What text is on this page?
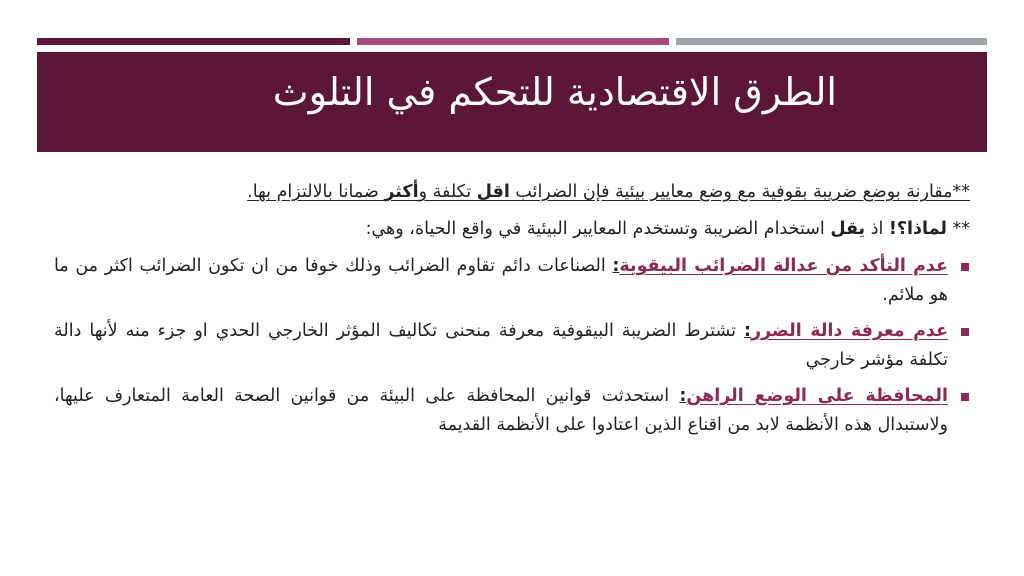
الطرق الاقتصادية للتحكم في التلوث

**مقارنة بوضع ضريبة بقوفية مع وضع معايير بيئية فإن الضرائب اقل تكلفة وأكثر ضمانا بالالتزام بها.

** لماذا؟! اذ يقل استخدام الضريبة وتستخدم المعايير البيئية في واقع الحياة، وهي:

عدم التأكد من عدالة الضرائب البيقوية: الصناعات دائم تقاوم الضرائب وذلك خوفا من ان تكون الضرائب اكثر من ما هو ملائم.
عدم معرفة دالة الضرر: تشترط الضريبة البيقوفية معرفة منحنى تكاليف المؤثر الخارجي الحدي او جزء منه لأنها دالة تكلفة مؤشر خارجي
المحافظة على الوضع الراهن: استحدثت قوانين المحافظة على البيئة من قوانين الصحة العامة المتعارف عليها، ولاستبدال هذه الأنظمة لابد من اقناع الذين اعتادوا على الأنظمة القديمة
